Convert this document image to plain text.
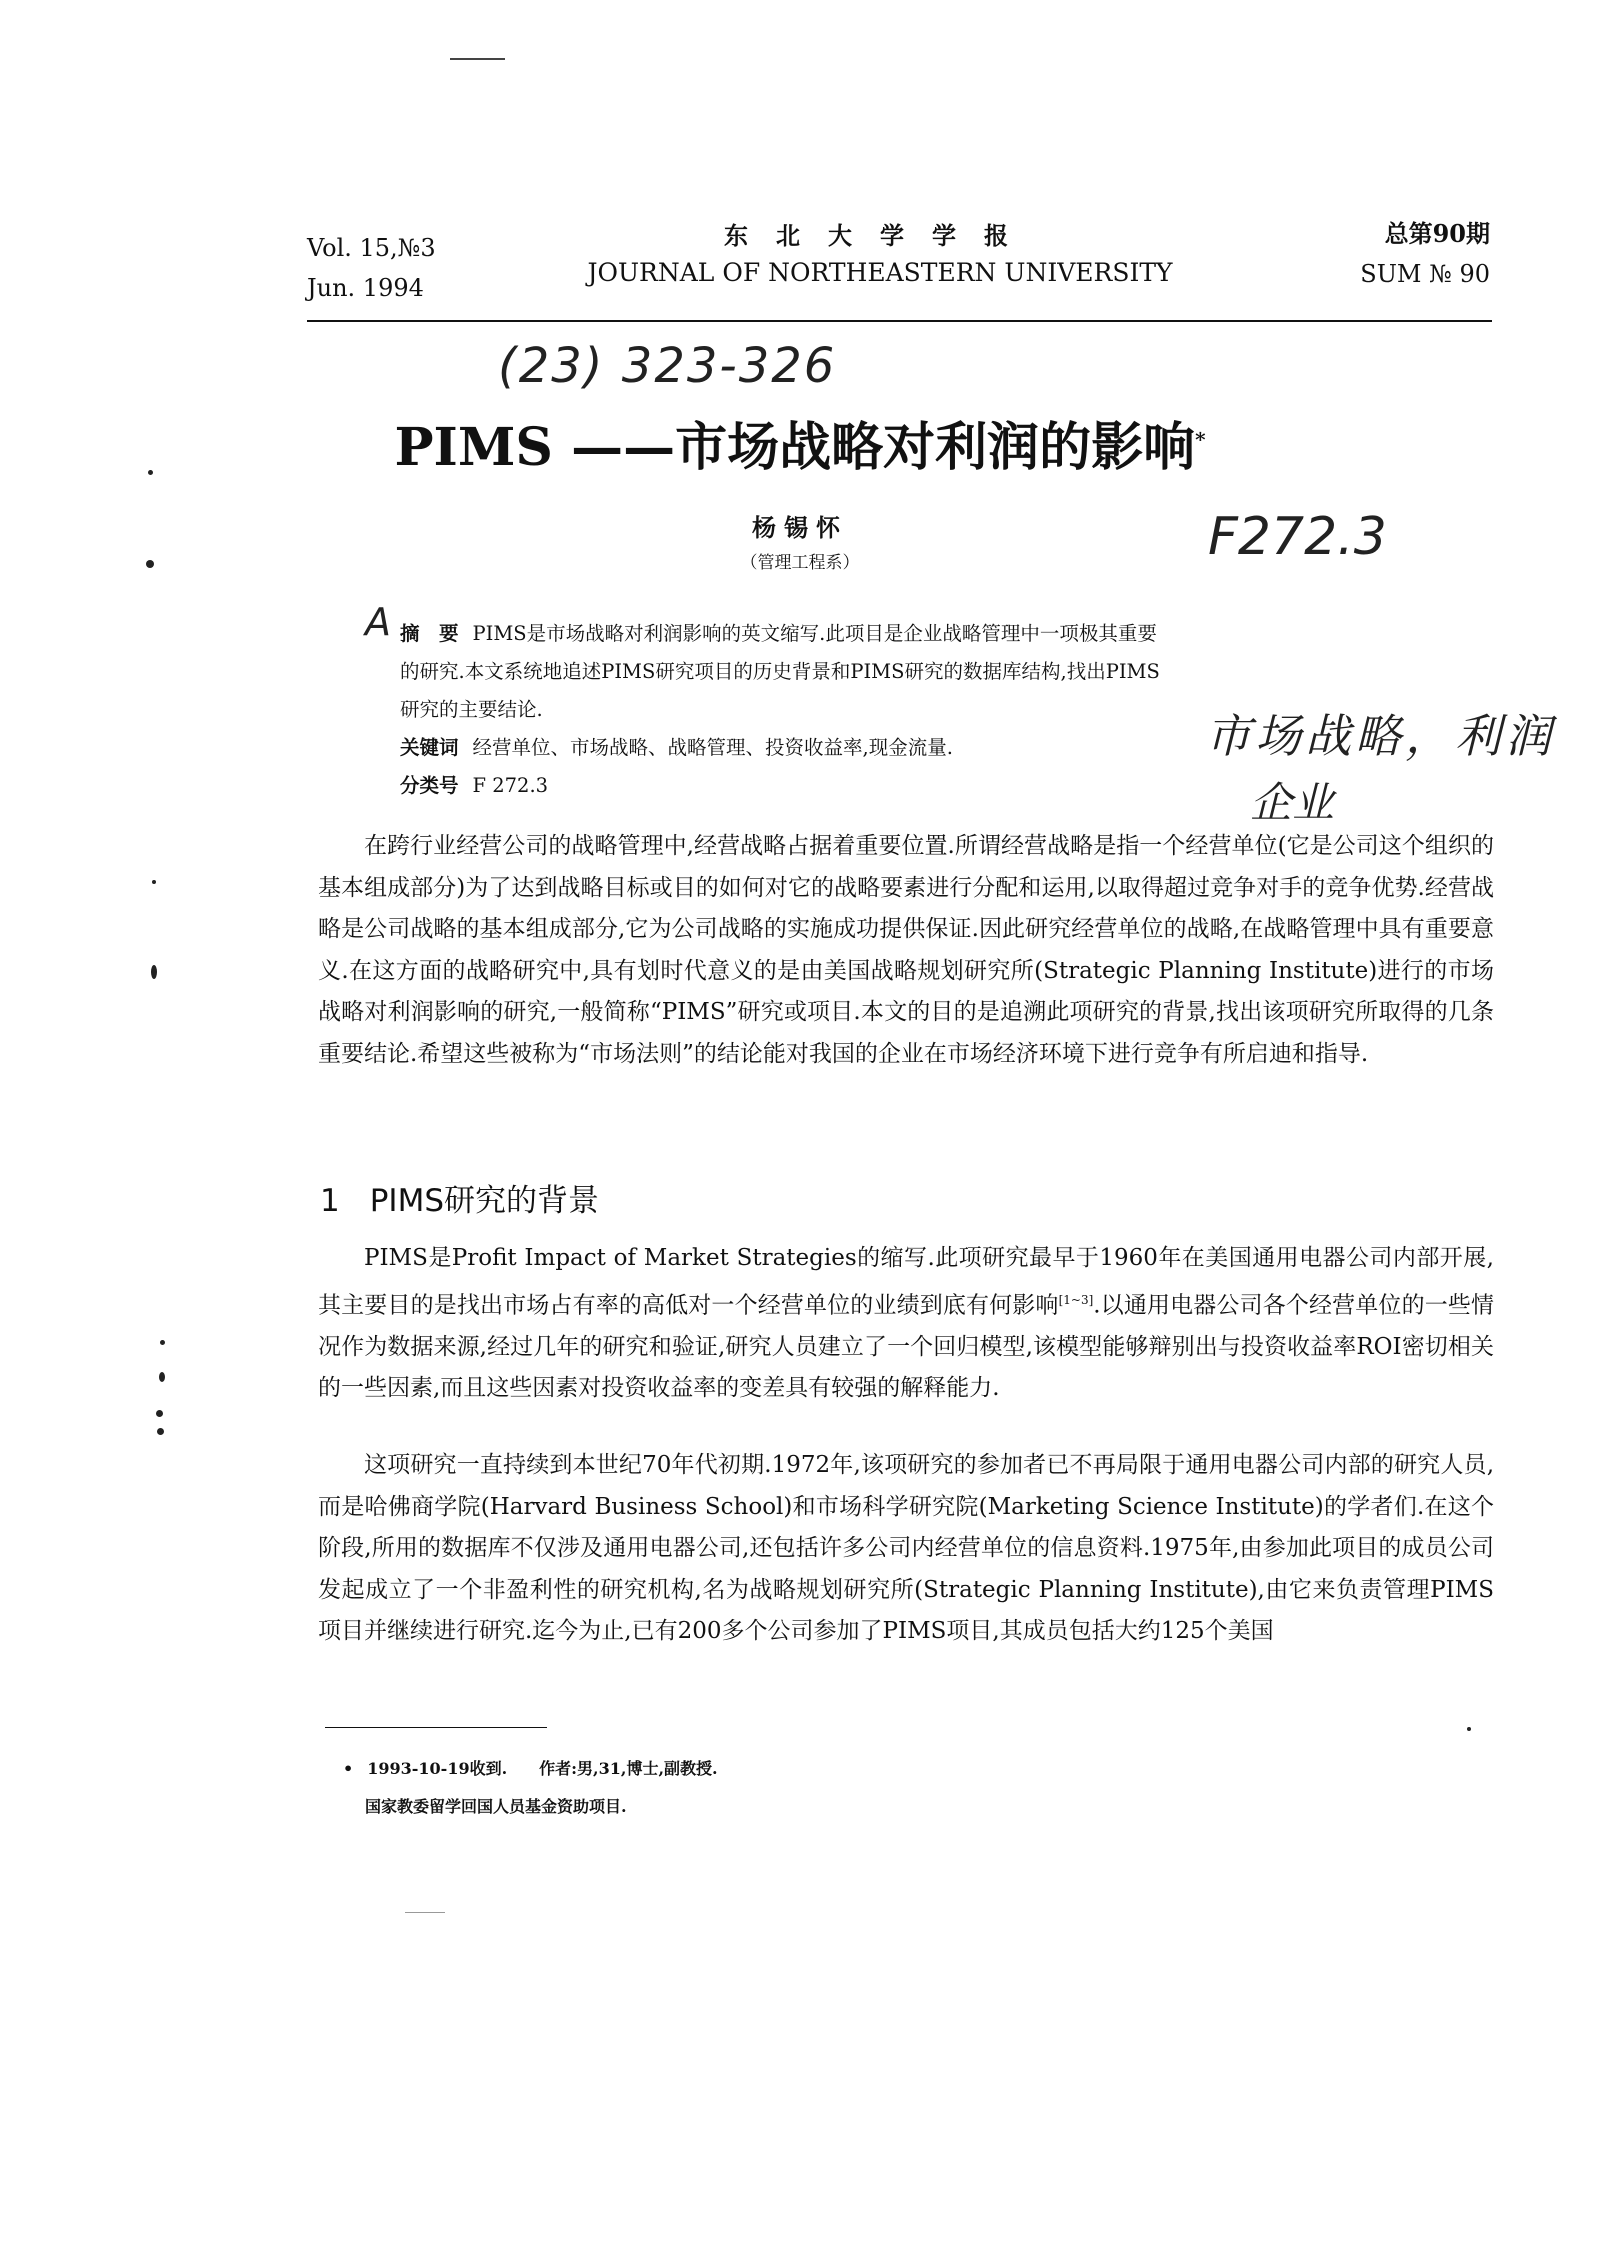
Vol. 15,№3
Jun. 1994
东北大学学报
JOURNAL OF NORTHEASTERN UNIVERSITY
总第90期
SUM № 90
(23) 323-326
F272.3
市场战略，利润
企业
A
PIMS ——市场战略对利润的影响*
杨锡怀
（管理工程系）
摘　要 PIMS是市场战略对利润影响的英文缩写.此项目是企业战略管理中一项极其重要
的研究.本文系统地追述PIMS研究项目的历史背景和PIMS研究的数据库结构,找出PIMS
研究的主要结论.
关键词 经营单位、市场战略、战略管理、投资收益率,现金流量.
分类号 F 272.3

在跨行业经营公司的战略管理中,经营战略占据着重要位置.所谓经营战略是指一个经营单位(它是公司这个组织的基本组成部分)为了达到战略目标或目的如何对它的战略要素进行分配和运用,以取得超过竞争对手的竞争优势.经营战略是公司战略的基本组成部分,它为公司战略的实施成功提供保证.因此研究经营单位的战略,在战略管理中具有重要意义.在这方面的战略研究中,具有划时代意义的是由美国战略规划研究所(Strategic Planning Institute)进行的市场战略对利润影响的研究,一般简称“PIMS”研究或项目.本文的目的是追溯此项研究的背景,找出该项研究所取得的几条重要结论.希望这些被称为“市场法则”的结论能对我国的企业在市场经济环境下进行竞争有所启迪和指导.

1 PIMS研究的背景

PIMS是Profit Impact of Market Strategies的缩写.此项研究最早于1960年在美国通用电器公司内部开展,其主要目的是找出市场占有率的高低对一个经营单位的业绩到底有何影响[1~3].以通用电器公司各个经营单位的一些情况作为数据来源,经过几年的研究和验证,研究人员建立了一个回归模型,该模型能够辩别出与投资收益率ROI密切相关的一些因素,而且这些因素对投资收益率的变差具有较强的解释能力.

这项研究一直持续到本世纪70年代初期.1972年,该项研究的参加者已不再局限于通用电器公司内部的研究人员,而是哈佛商学院(Harvard Business School)和市场科学研究院(Marketing Science Institute)的学者们.在这个阶段,所用的数据库不仅涉及通用电器公司,还包括许多公司内经营单位的信息资料.1975年,由参加此项目的成员公司发起成立了一个非盈利性的研究机构,名为战略规划研究所(Strategic Planning Institute),由它来负责管理PIMS项目并继续进行研究.迄今为止,已有200多个公司参加了PIMS项目,其成员包括大约125个美国

• 1993-10-19收到.　　作者:男,31,博士,副教授.
国家教委留学回国人员基金资助项目.
